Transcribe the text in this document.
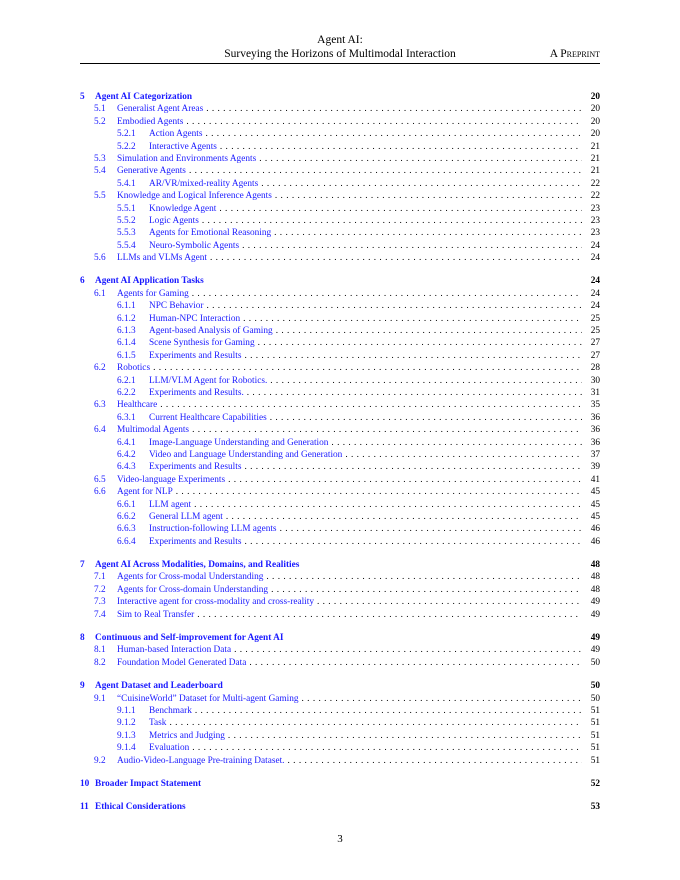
Agent AI:
Surveying the Horizons of Multimodal Interaction	A Preprint
5 Agent AI Categorization	20
5.1	Generalist Agent Areas . . .	20
5.2	Embodied Agents . . .	20
5.2.1	Action Agents . . .	20
5.2.2	Interactive Agents . . .	21
5.3	Simulation and Environments Agents . . .	21
5.4	Generative Agents . . .	21
5.4.1	AR/VR/mixed-reality Agents . . .	22
5.5	Knowledge and Logical Inference Agents . . .	22
5.5.1	Knowledge Agent . . .	23
5.5.2	Logic Agents . . .	23
5.5.3	Agents for Emotional Reasoning . . .	23
5.5.4	Neuro-Symbolic Agents . . .	24
5.6	LLMs and VLMs Agent . . .	24
6 Agent AI Application Tasks	24
6.1	Agents for Gaming . . .	24
6.1.1	NPC Behavior . . .	24
6.1.2	Human-NPC Interaction . . .	25
6.1.3	Agent-based Analysis of Gaming . . .	25
6.1.4	Scene Synthesis for Gaming . . .	27
6.1.5	Experiments and Results . . .	27
6.2	Robotics . . .	28
6.2.1	LLM/VLM Agent for Robotics. . . .	30
6.2.2	Experiments and Results. . . .	31
6.3	Healthcare . . .	35
6.3.1	Current Healthcare Capabilities . . .	36
6.4	Multimodal Agents . . .	36
6.4.1	Image-Language Understanding and Generation . . .	36
6.4.2	Video and Language Understanding and Generation . . .	37
6.4.3	Experiments and Results . . .	39
6.5	Video-language Experiments . . .	41
6.6	Agent for NLP . . .	45
6.6.1	LLM agent . . .	45
6.6.2	General LLM agent . . .	45
6.6.3	Instruction-following LLM agents . . .	46
6.6.4	Experiments and Results . . .	46
7 Agent AI Across Modalities, Domains, and Realities	48
7.1	Agents for Cross-modal Understanding . . .	48
7.2	Agents for Cross-domain Understanding . . .	48
7.3	Interactive agent for cross-modality and cross-reality . . .	49
7.4	Sim to Real Transfer . . .	49
8 Continuous and Self-improvement for Agent AI	49
8.1	Human-based Interaction Data . . .	49
8.2	Foundation Model Generated Data . . .	50
9 Agent Dataset and Leaderboard	50
9.1	“CuisineWorld” Dataset for Multi-agent Gaming . . .	50
9.1.1	Benchmark . . .	51
9.1.2	Task . . .	51
9.1.3	Metrics and Judging . . .	51
9.1.4	Evaluation . . .	51
9.2	Audio-Video-Language Pre-training Dataset. . . .	51
10 Broader Impact Statement	52
11 Ethical Considerations	53
3
